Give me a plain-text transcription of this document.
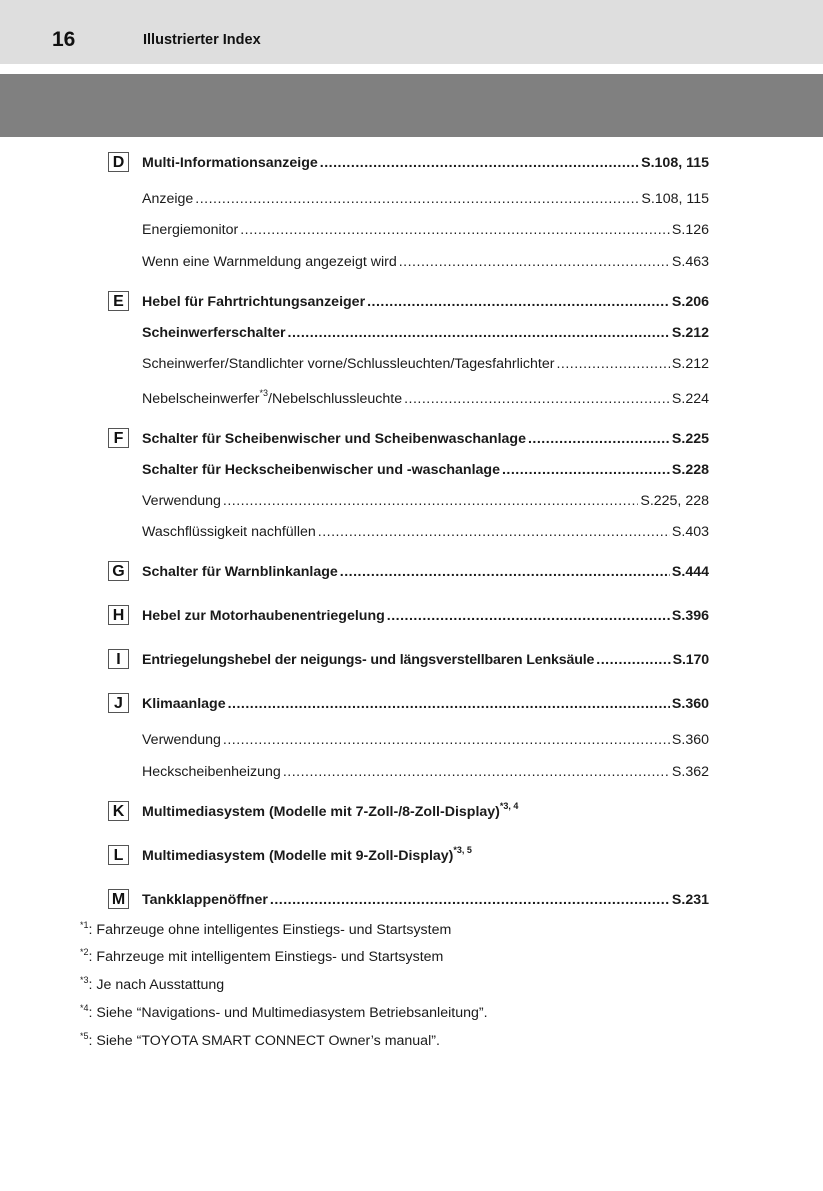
16	Illustrierter Index
D	Multi-Informationsanzeige .....	S.108, 115
Anzeige .....	S.108, 115
Energiemonitor .....	S.126
Wenn eine Warnmeldung angezeigt wird .....	S.463
E	Hebel für Fahrtrichtungsanzeiger .....	S.206
Scheinwerferschalter .....	S.212
Scheinwerfer/Standlichter vorne/Schlussleuchten/Tagesfahrlichter .....	S.212
Nebelscheinwerfer$^{*3}$/Nebelschlussleuchte .....	S.224
F	Schalter für Scheibenwischer und Scheibenwaschanlage .....	S.225
Schalter für Heckscheibenwischer und -waschanlage .....	S.228
Verwendung .....	S.225, 228
Waschflüssigkeit nachfüllen .....	S.403
G	Schalter für Warnblinkanlage .....	S.444
H	Hebel zur Motorhaubenentriegelung .....	S.396
I	Entriegelungshebel der neigungs- und längsverstellbaren Lenksäule .....	S.170
J	Klimaanlage .....	S.360
Verwendung .....	S.360
Heckscheibenheizung .....	S.362
K	Multimediasystem (Modelle mit 7-Zoll-/8-Zoll-Display)$^{*3, 4}$
L	Multimediasystem (Modelle mit 9-Zoll-Display)$^{*3, 5}$
M Tankklappenöffner .....	S.231
$^{*1}$: Fahrzeuge ohne intelligentes Einstiegs- und Startsystem
$^{*2}$: Fahrzeuge mit intelligentem Einstiegs- und Startsystem
$^{*3}$: Je nach Ausstattung
$^{*4}$: Siehe “Navigations- und Multimediasystem Betriebsanleitung”.
$^{*5}$: Siehe “TOYOTA SMART CONNECT Owner’s manual”.
